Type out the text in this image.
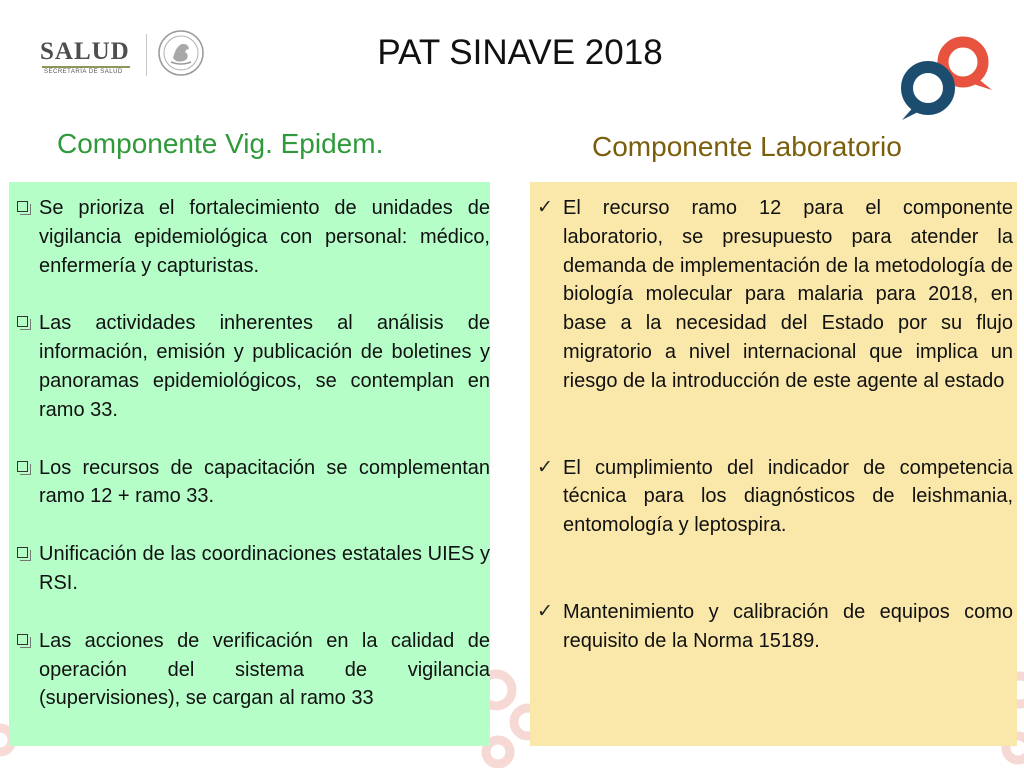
SALUD
SECRETARÍA DE SALUD	PAT SINAVE 2018
Componente Vig. Epidem.	Componente Laboratorio
Se prioriza el fortalecimiento de unidades de vigilancia epidemiológica con personal: médico, enfermería y capturistas.
Las actividades inherentes al análisis de información, emisión y publicación de boletines y panoramas epidemiológicos, se contemplan en ramo 33.
Los recursos de capacitación se complementan ramo 12 + ramo 33.
Unificación de las coordinaciones estatales UIES y RSI.
Las acciones de verificación en la calidad de operación del sistema de vigilancia (supervisiones), se cargan al ramo 33
✓ El recurso ramo 12 para el componente laboratorio, se presupuesto para atender la demanda de implementación de la metodología de biología molecular para malaria para 2018, en base a la necesidad del Estado por su flujo migratorio a nivel internacional que implica un riesgo de la introducción de este agente al estado
✓ El cumplimiento del indicador de competencia técnica para los diagnósticos de leishmania, entomología y leptospira.
✓ Mantenimiento y calibración de equipos como requisito de la Norma 15189.
